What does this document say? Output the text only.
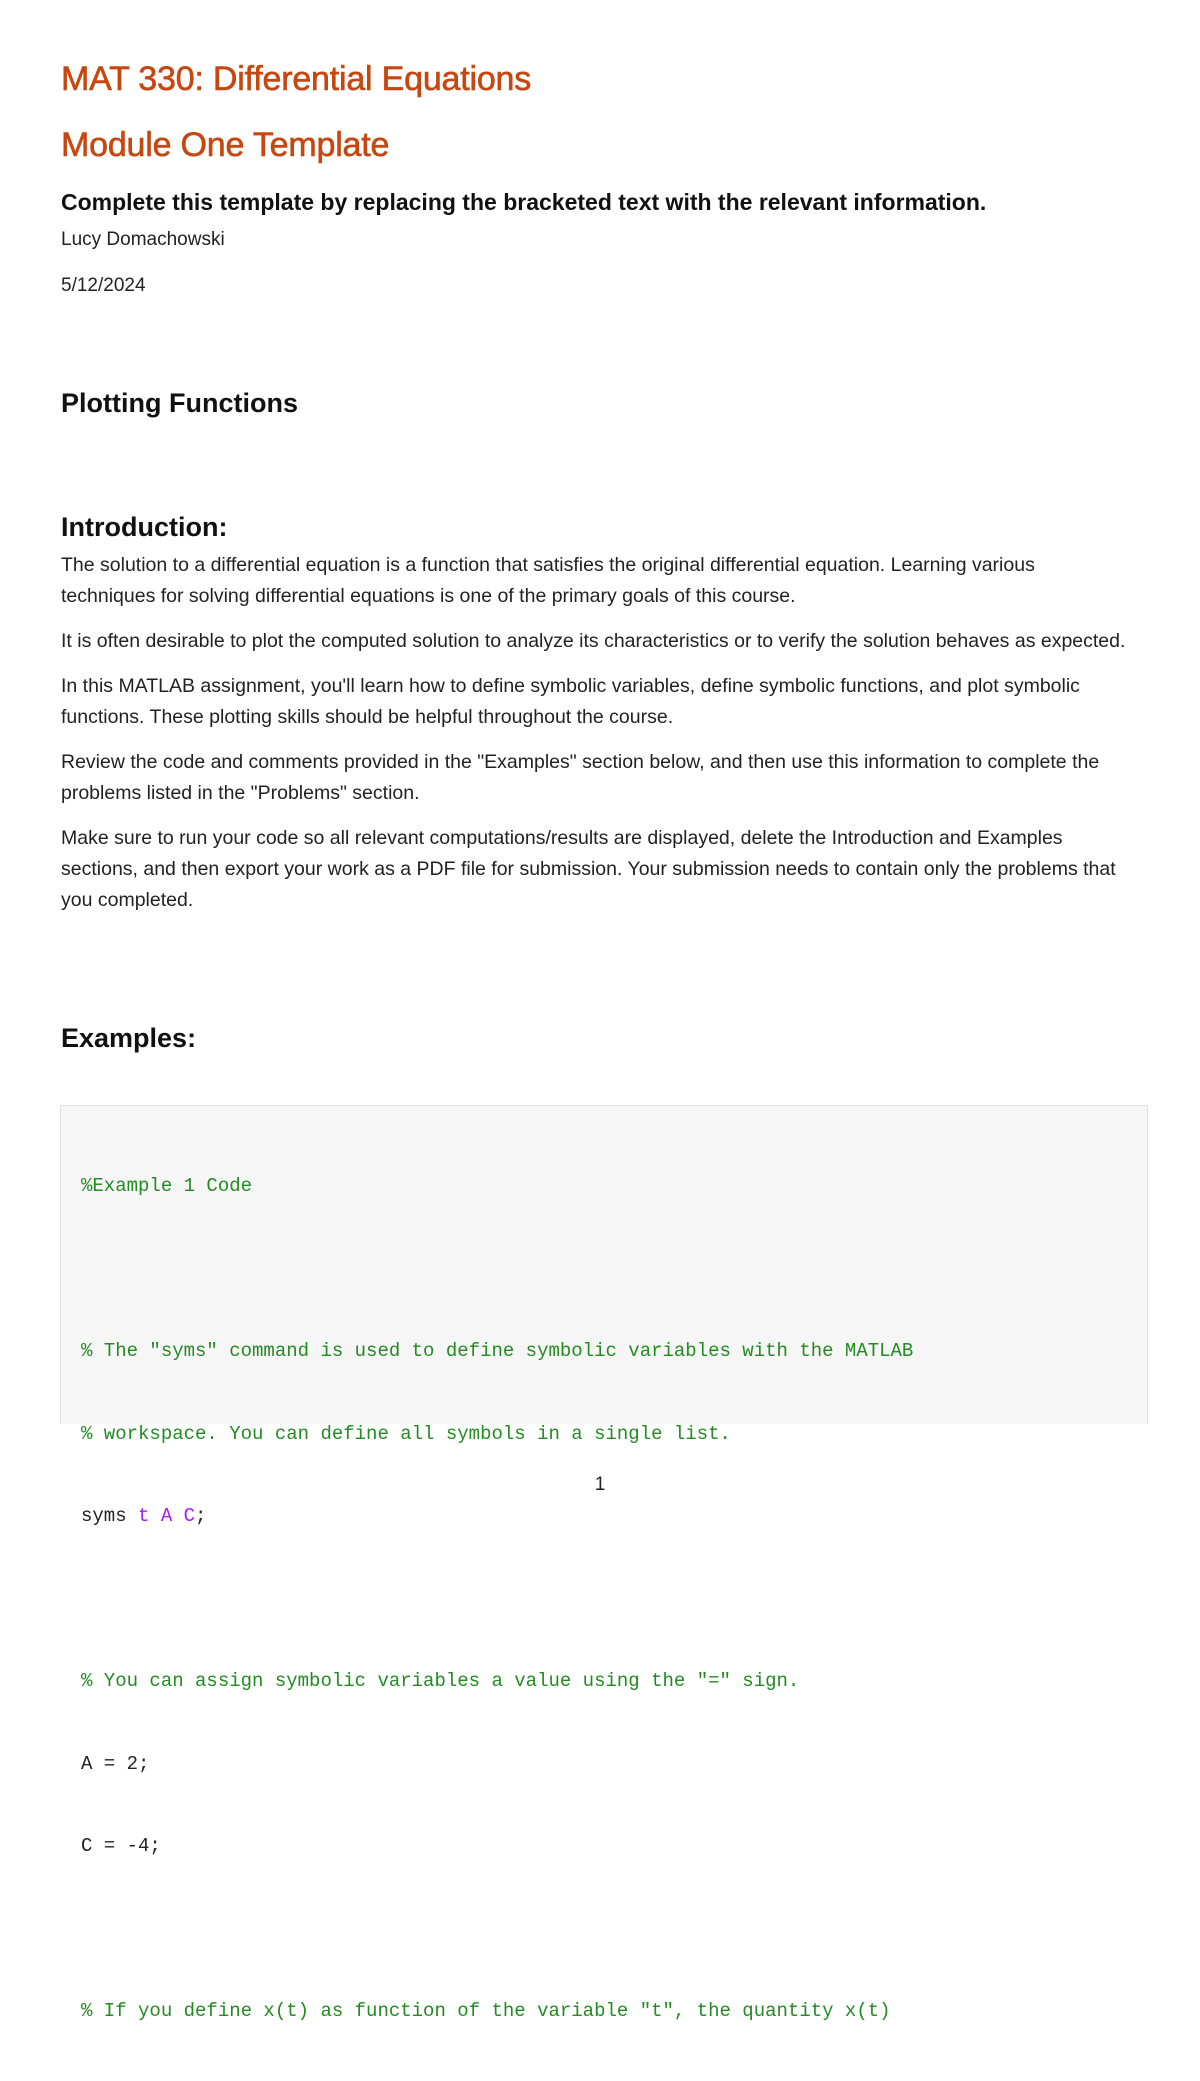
MAT 330: Differential Equations
Module One Template
Complete this template by replacing the bracketed text with the relevant information.
Lucy Domachowski
5/12/2024
Plotting Functions
Introduction:

The solution to a differential equation is a function that satisfies the original differential equation. Learning various techniques for solving differential equations is one of the primary goals of this course.

It is often desirable to plot the computed solution to analyze its characteristics or to verify the solution behaves as expected.

In this MATLAB assignment, you'll learn how to define symbolic variables, define symbolic functions, and plot symbolic functions. These plotting skills should be helpful throughout the course.

Review the code and comments provided in the "Examples" section below, and then use this information to complete the problems listed in the "Problems" section.

Make sure to run your code so all relevant computations/results are displayed, delete the Introduction and Examples sections, and then export your work as a PDF file for submission. Your submission needs to contain only the problems that you completed.

Examples:

%Example 1 Code

% The "syms" command is used to define symbolic variables with the MATLAB

% workspace. You can define all symbols in a single list.

syms t A C;

% You can assign symbolic variables a value using the "=" sign.

A = 2;

C = -4;

% If you define x(t) as function of the variable "t", the quantity x(t)

1
